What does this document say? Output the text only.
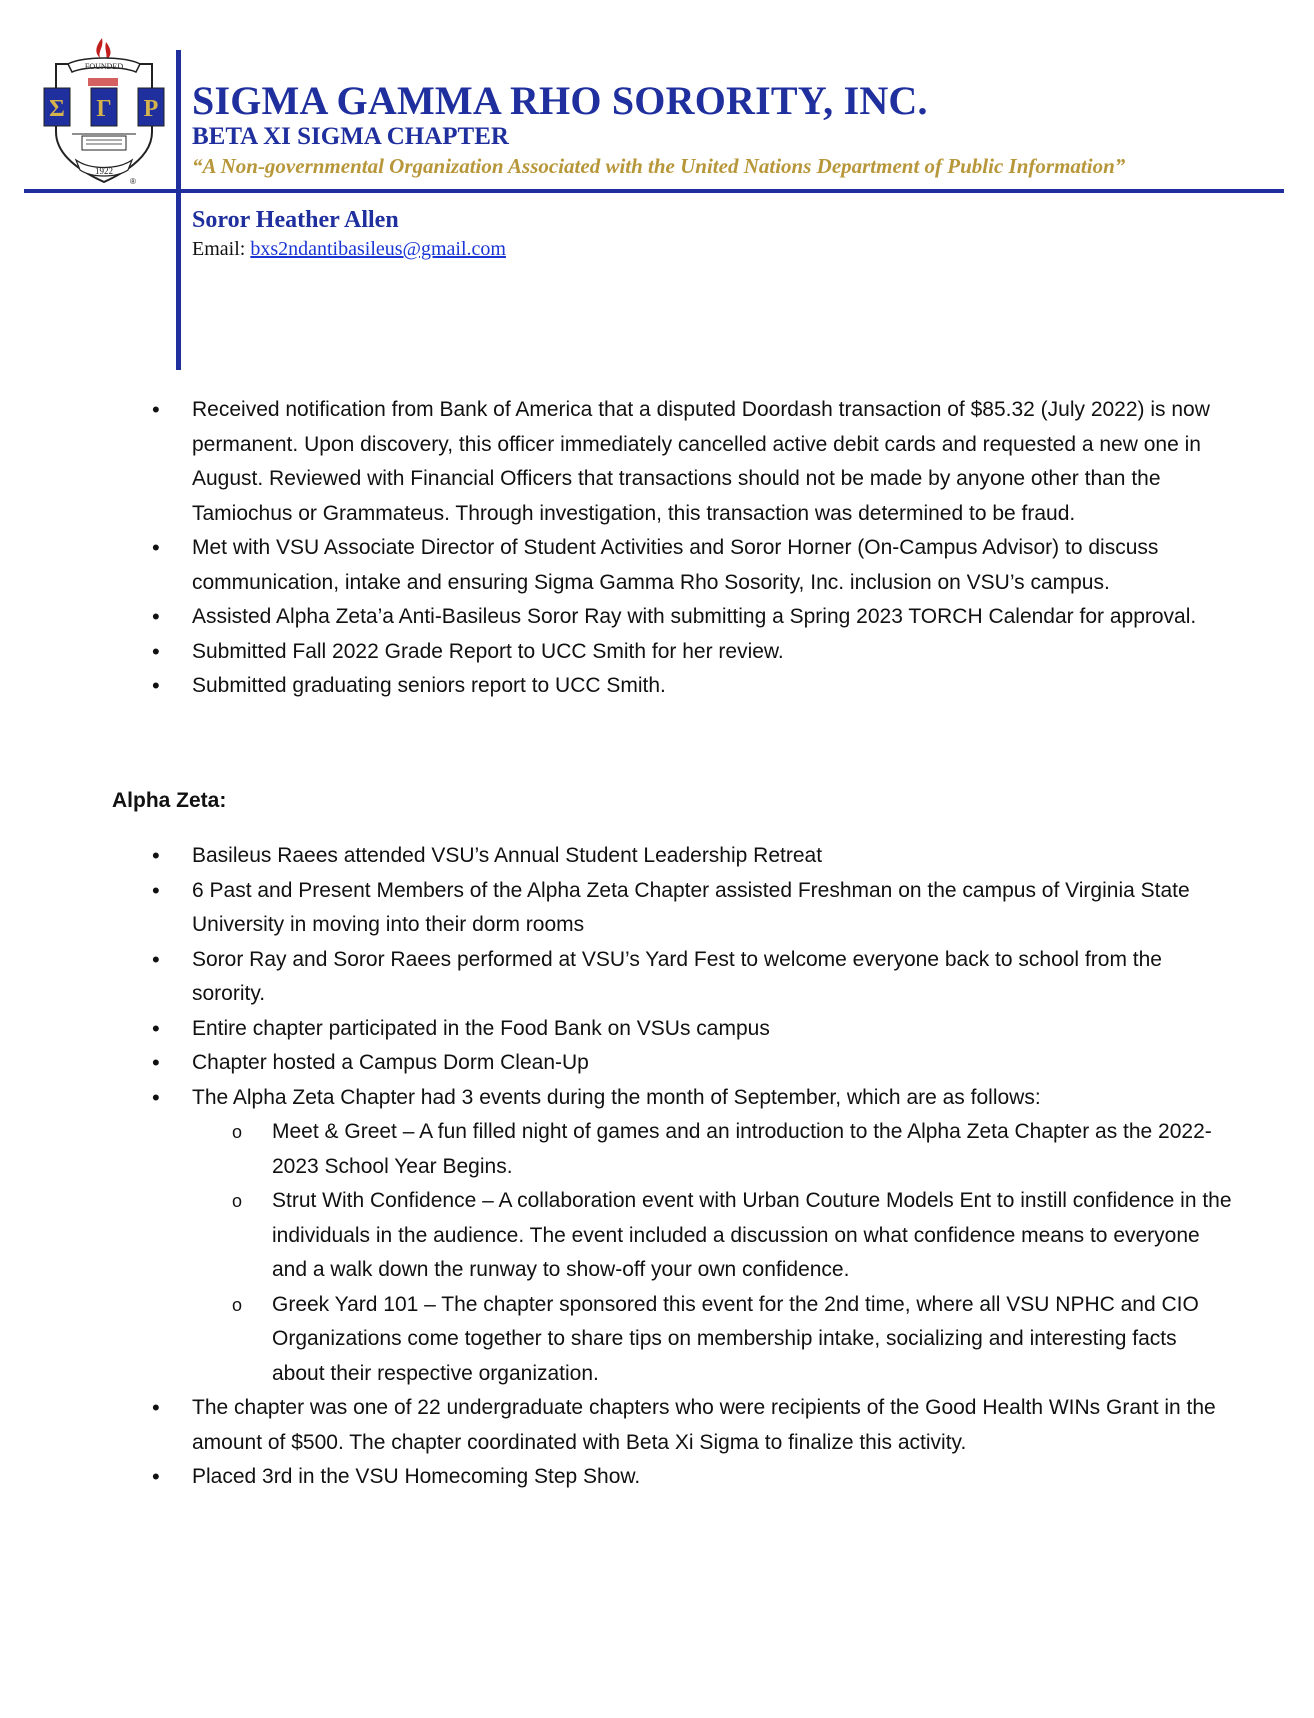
FOUNDED
Σ Γ Ρ
1922
®
SIGMA GAMMA RHO SORORITY, INC.
BETA XI SIGMA CHAPTER
“A Non-governmental Organization Associated with the United Nations Department of Public Information”
Soror Heather Allen
Email: bxs2ndantibasileus@gmail.com
• Received notification from Bank of America that a disputed Doordash transaction of $85.32 (July 2022) is now permanent. Upon discovery, this officer immediately cancelled active debit cards and requested a new one in August. Reviewed with Financial Officers that transactions should not be made by anyone other than the Tamiochus or Grammateus. Through investigation, this transaction was determined to be fraud.
• Met with VSU Associate Director of Student Activities and Soror Horner (On-Campus Advisor) to discuss communication, intake and ensuring Sigma Gamma Rho Sosority, Inc. inclusion on VSU’s campus.
• Assisted Alpha Zeta’a Anti-Basileus Soror Ray with submitting a Spring 2023 TORCH Calendar for approval.
• Submitted Fall 2022 Grade Report to UCC Smith for her review.
• Submitted graduating seniors report to UCC Smith.
Alpha Zeta:
• Basileus Raees attended VSU’s Annual Student Leadership Retreat
• 6 Past and Present Members of the Alpha Zeta Chapter assisted Freshman on the campus of Virginia State University in moving into their dorm rooms
• Soror Ray and Soror Raees performed at VSU’s Yard Fest to welcome everyone back to school from the sorority.
• Entire chapter participated in the Food Bank on VSUs campus
• Chapter hosted a Campus Dorm Clean-Up
• The Alpha Zeta Chapter had 3 events during the month of September, which are as follows:
o Meet & Greet – A fun filled night of games and an introduction to the Alpha Zeta Chapter as the 2022- 2023 School Year Begins.
o Strut With Confidence – A collaboration event with Urban Couture Models Ent to instill confidence in the individuals in the audience. The event included a discussion on what confidence means to everyone and a walk down the runway to show-off your own confidence.
o Greek Yard 101 – The chapter sponsored this event for the 2nd time, where all VSU NPHC and CIO Organizations come together to share tips on membership intake, socializing and interesting facts about their respective organization.
• The chapter was one of 22 undergraduate chapters who were recipients of the Good Health WINs Grant in the amount of $500. The chapter coordinated with Beta Xi Sigma to finalize this activity.
• Placed 3rd in the VSU Homecoming Step Show.
